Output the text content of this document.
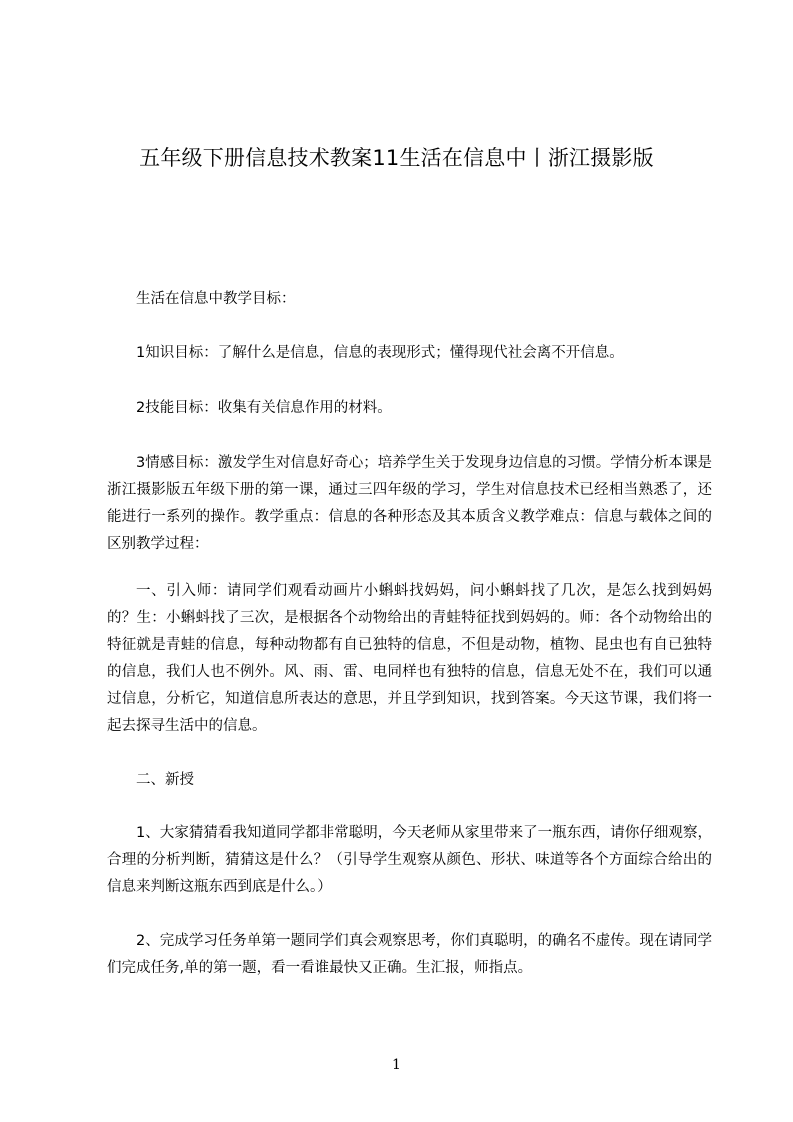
五年级下册信息技术教案11生活在信息中丨浙江摄影版

生活在信息中教学目标：

1知识目标：了解什么是信息，信息的表现形式；懂得现代社会离不开信息。

2技能目标：收集有关信息作用的材料。

3情感目标：激发学生对信息好奇心；培养学生关于发现身边信息的习惯。学情分析本课是浙江摄影版五年级下册的第一课，通过三四年级的学习，学生对信息技术已经相当熟悉了，还能进行一系列的操作。教学重点：信息的各种形态及其本质含义教学难点：信息与载体之间的区别教学过程：

一、引入师：请同学们观看动画片小蝌蚪找妈妈，问小蝌蚪找了几次，是怎么找到妈妈的？生：小蝌蚪找了三次，是根据各个动物给出的青蛙特征找到妈妈的。师：各个动物给出的特征就是青蛙的信息，每种动物都有自已独特的信息，不但是动物，植物、昆虫也有自已独特的信息，我们人也不例外。风、雨、雷、电同样也有独特的信息，信息无处不在，我们可以通过信息，分析它，知道信息所表达的意思，并且学到知识，找到答案。今天这节课，我们将一起去探寻生活中的信息。

二、新授

1、大家猜猜看我知道同学都非常聪明，今天老师从家里带来了一瓶东西，请你仔细观察，合理的分析判断，猜猜这是什么？（引导学生观察从颜色、形状、味道等各个方面综合给出的信息来判断这瓶东西到底是什么。）

2、完成学习任务单第一题同学们真会观察思考，你们真聪明，的确名不虚传。现在请同学们完成任务,单的第一题，看一看谁最快又正确。生汇报，师指点。

1
